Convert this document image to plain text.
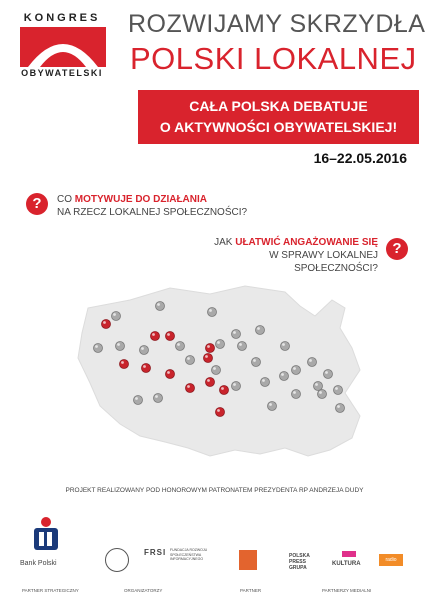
KONGRES
OBYWATELSKI
ROZWIJAMY SKRZYDŁA
POLSKI LOKALNEJ
CAŁA POLSKA DEBATUJE
O AKTYWNOŚCI OBYWATELSKIEJ!
16–22.05.2016
?	CO MOTYWUJE DO DZIAŁANIA
NA RZECZ LOKALNEJ SPOŁECZNOŚCI?
JAK UŁATWIĆ ANGAŻOWANIE SIĘ
W SPRAWY LOKALNEJ SPOŁECZNOŚCI?
?
PROJEKT REALIZOWANY POD HONOROWYM PATRONATEM PREZYDENTA RP ANDRZEJA DUDY
Bank Polski
FRSI FUNDACJA ROZWOJU SPOŁECZEŃSTWA INFORMACYJNEGO	POLSKA PRESS GRUPA
KULTURA
radio
PARTNER STRATEGICZNY	ORGANIZATORZY	PARTNER	PARTNERZY MEDIALNI
